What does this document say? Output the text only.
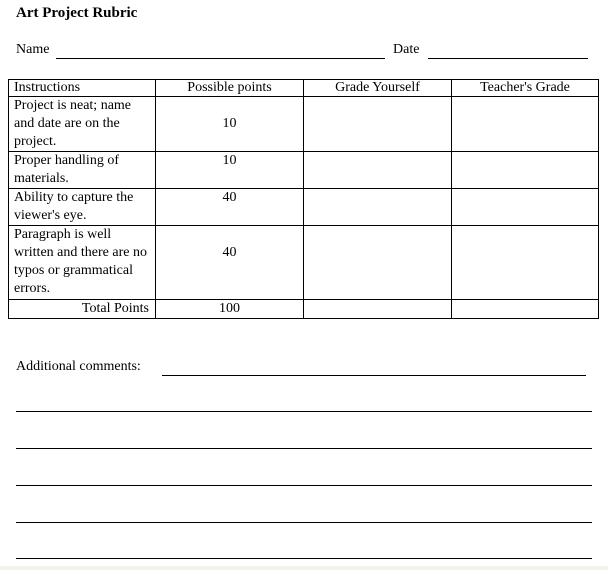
Art Project Rubric
Name	Date
Instructions	Possible points	Grade Yourself	Teacher's Grade
Project is neat; name and date are on the project.	10		
Proper handling of materials.	10		
Ability to capture the viewer's eye.	40		
Paragraph is well written and there are no typos or grammatical errors.	40		
Total Points	100		
Additional comments:
